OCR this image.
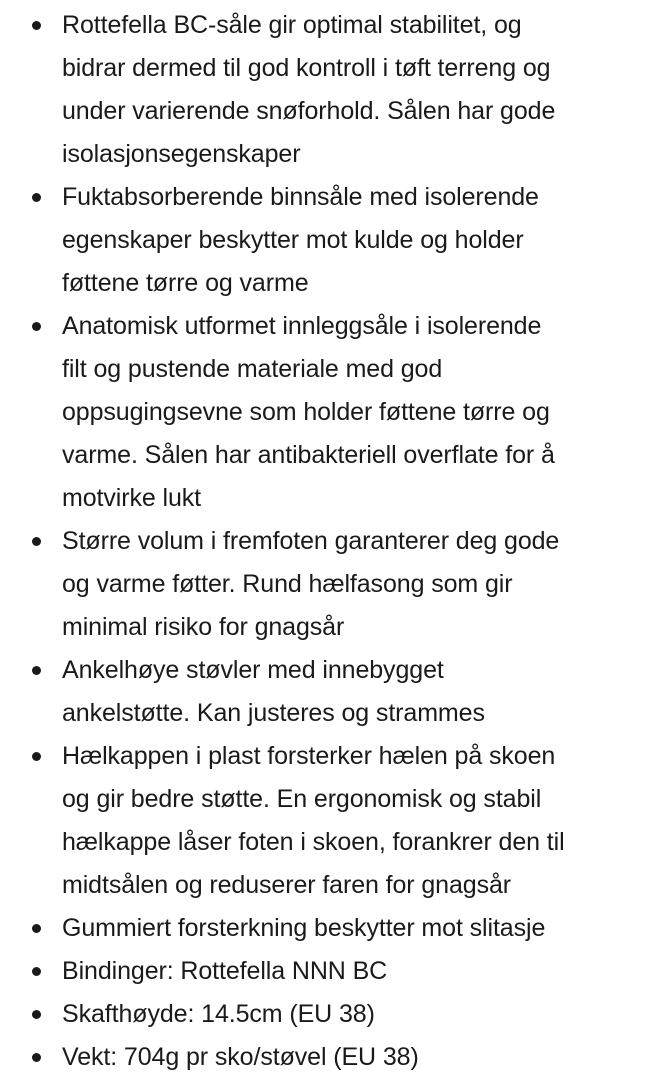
Rottefella BC-såle gir optimal stabilitet, og
bidrar dermed til god kontroll i tøft terreng og
under varierende snøforhold. Sålen har gode
isolasjonsegenskaper
Fuktabsorberende binnsåle med isolerende
egenskaper beskytter mot kulde og holder
føttene tørre og varme
Anatomisk utformet innleggsåle i isolerende
filt og pustende materiale med god
oppsugingsevne som holder føttene tørre og
varme. Sålen har antibakteriell overflate for å
motvirke lukt
Større volum i fremfoten garanterer deg gode
og varme føtter. Rund hælfasong som gir
minimal risiko for gnagsår
Ankelhøye støvler med innebygget
ankelstøtte. Kan justeres og strammes
Hælkappen i plast forsterker hælen på skoen
og gir bedre støtte. En ergonomisk og stabil
hælkappe låser foten i skoen, forankrer den til
midtsålen og reduserer faren for gnagsår
Gummiert forsterkning beskytter mot slitasje
Bindinger: Rottefella NNN BC
Skafthøyde: 14.5cm (EU 38)
Vekt: 704g pr sko/støvel (EU 38)
